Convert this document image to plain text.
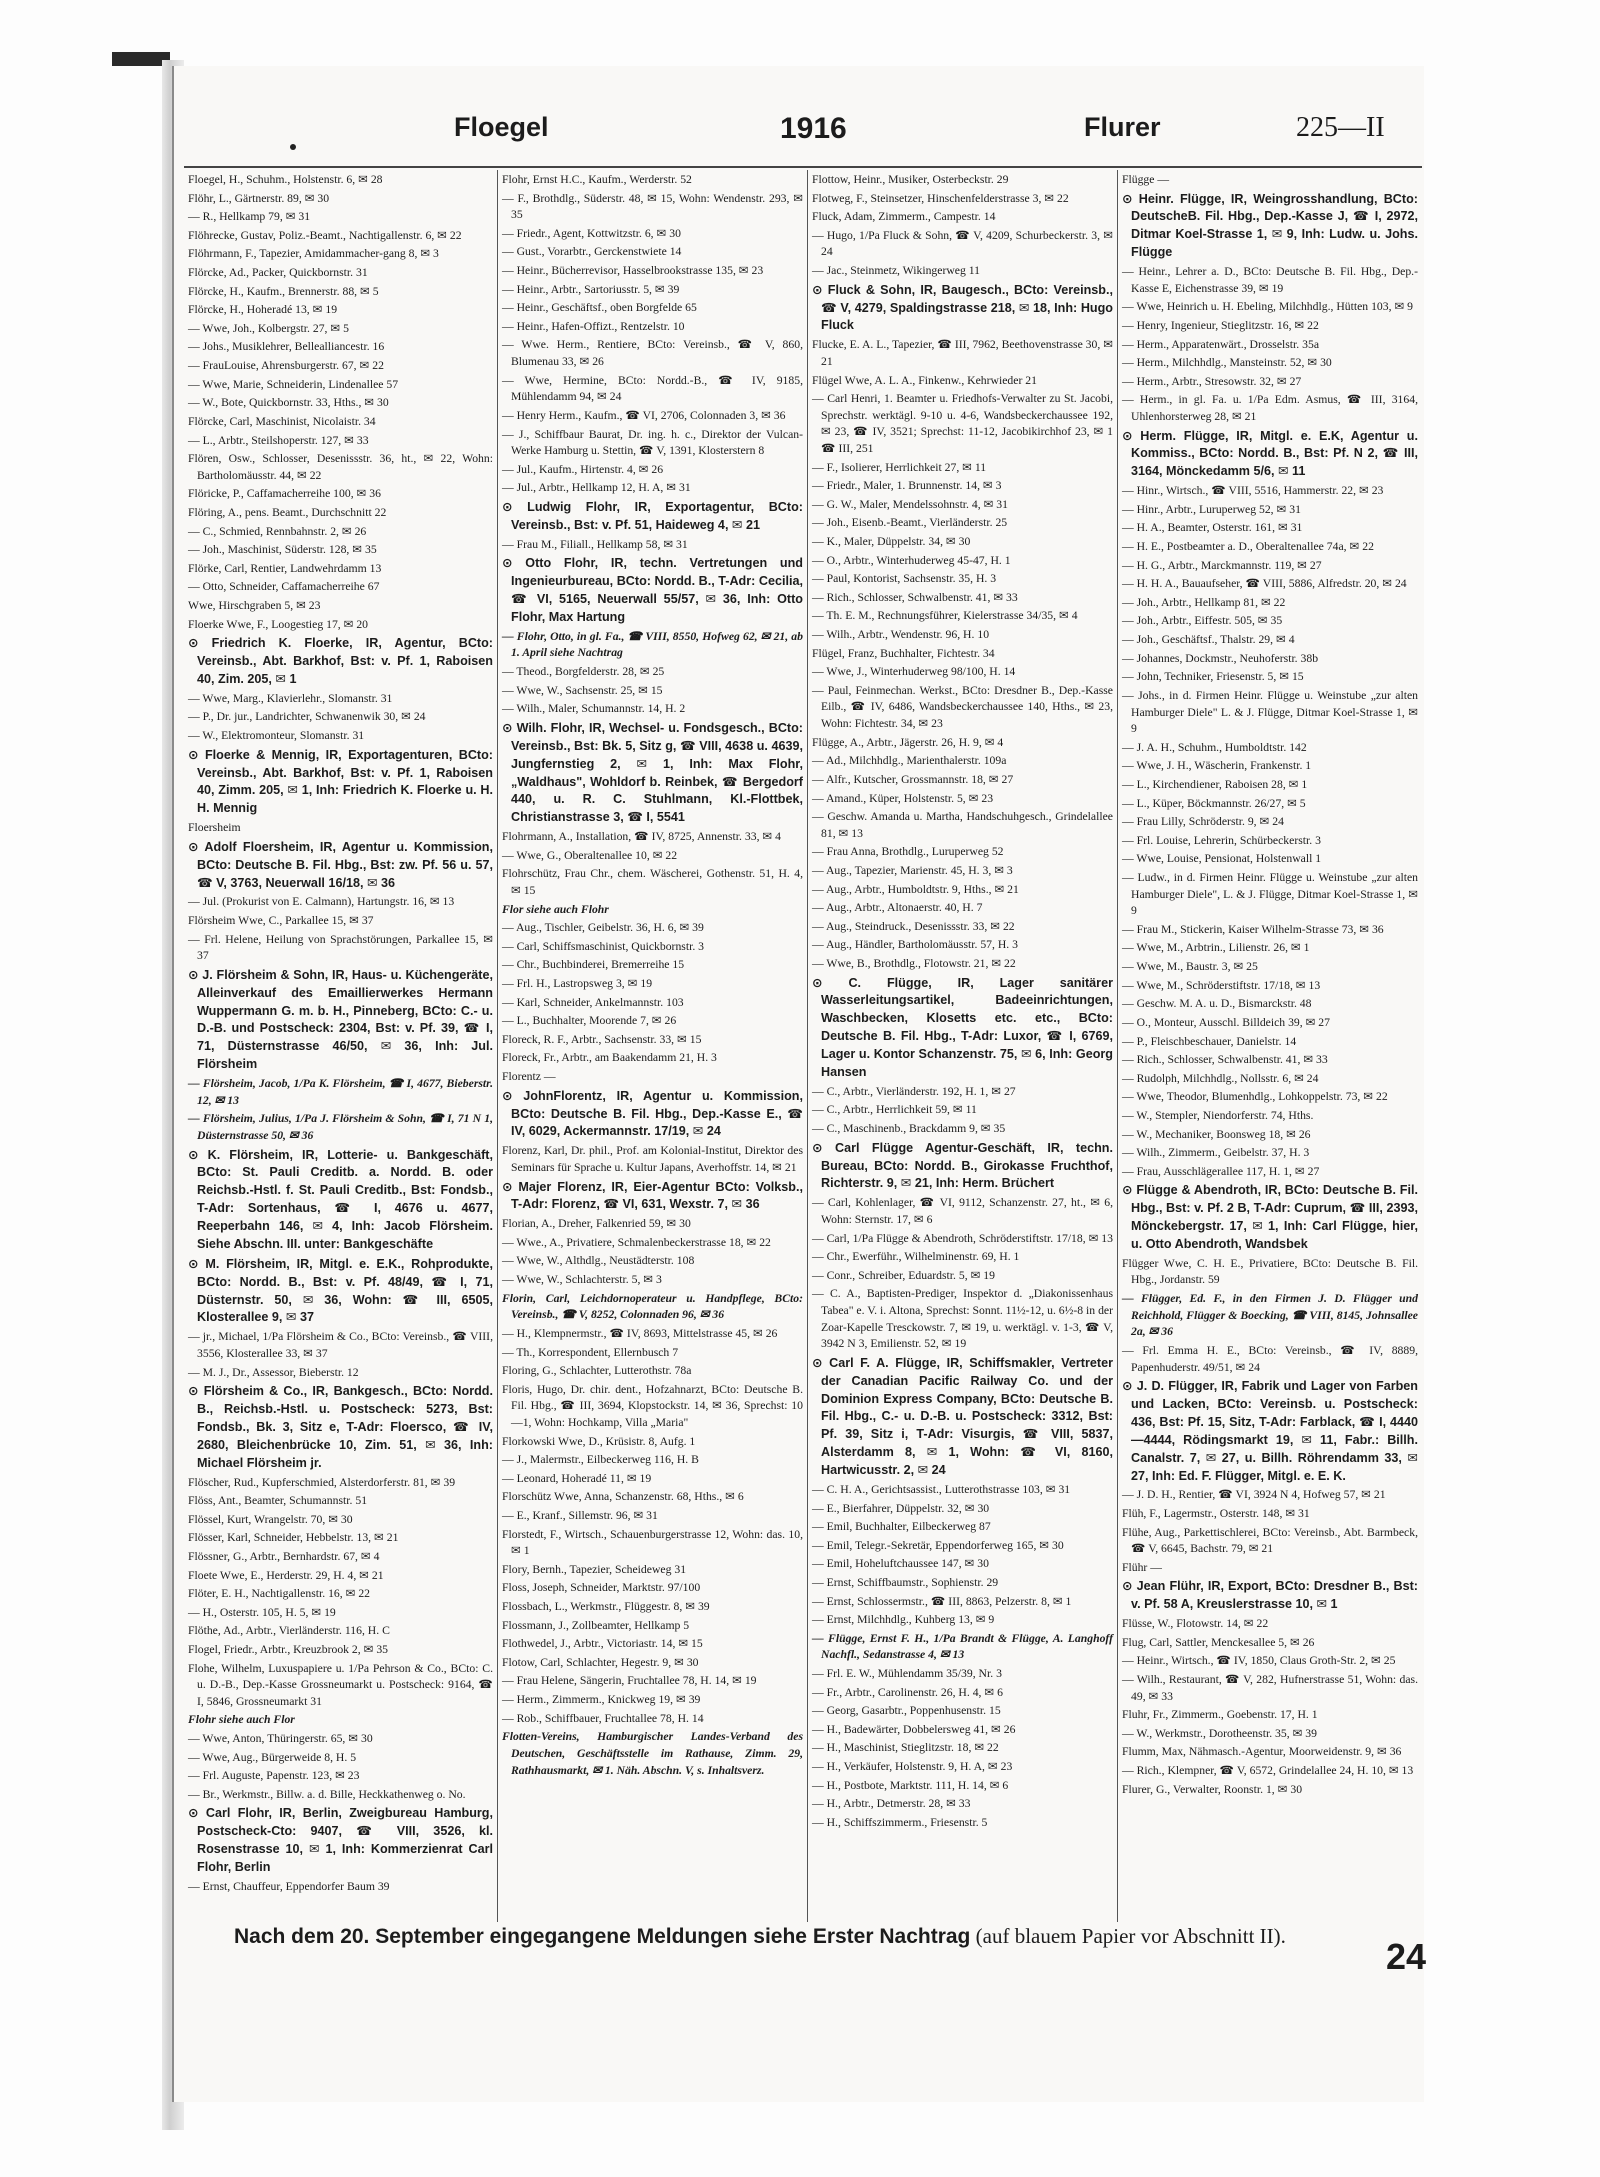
Floegel	1916	Flurer	225—II

Floegel, H., Schuhm., Holstenstr. 6, ✉ 28

Flöhr, L., Gärtnerstr. 89, ✉ 30

— R., Hellkamp 79, ✉ 31

Flöhrecke, Gustav, Poliz.-Beamt., Nachtigallenstr. 6, ✉ 22

Flöhrmann, F., Tapezier, Amidammacher-gang 8, ✉ 3

Flörcke, Ad., Packer, Quickbornstr. 31

Flörcke, H., Kaufm., Brennerstr. 88, ✉ 5

Flörcke, H., Hoheradé 13, ✉ 19

— Wwe, Joh., Kolbergstr. 27, ✉ 5

— Johs., Musiklehrer, Bellealliancestr. 16

— FrauLouise, Ahrensburgerstr. 67, ✉ 22

— Wwe, Marie, Schneiderin, Lindenallee 57

— W., Bote, Quickbornstr. 33, Hths., ✉ 30

Flörcke, Carl, Maschinist, Nicolaistr. 34

— L., Arbtr., Steilshoperstr. 127, ✉ 33

Flören, Osw., Schlosser, Desenissstr. 36, ht., ✉ 22, Wohn: Bartholomäusstr. 44, ✉ 22

Flöricke, P., Caffamacherreihe 100, ✉ 36

Flöring, A., pens. Beamt., Durchschnitt 22

— C., Schmied, Rennbahnstr. 2, ✉ 26

— Joh., Maschinist, Süderstr. 128, ✉ 35

Flörke, Carl, Rentier, Landwehrdamm 13

— Otto, Schneider, Caffamacherreihe 67

Wwe, Hirschgraben 5, ✉ 23

Floerke Wwe, F., Loogestieg 17, ✉ 20

⊙ Friedrich K. Floerke, IR, Agentur, BCto: Vereinsb., Abt. Barkhof, Bst: v. Pf. 1, Raboisen 40, Zim. 205, ✉ 1

— Wwe, Marg., Klavierlehr., Slomanstr. 31

— P., Dr. jur., Landrichter, Schwanenwik 30, ✉ 24

— W., Elektromonteur, Slomanstr. 31

⊙ Floerke & Mennig, IR, Exportagenturen, BCto: Vereinsb., Abt. Barkhof, Bst: v. Pf. 1, Raboisen 40, Zimm. 205, ✉ 1, Inh: Friedrich K. Floerke u. H. H. Mennig

Floersheim

⊙ Adolf Floersheim, IR, Agentur u. Kommission, BCto: Deutsche B. Fil. Hbg., Bst: zw. Pf. 56 u. 57, ☎ V, 3763, Neuerwall 16/18, ✉ 36

— Jul. (Prokurist von E. Calmann), Hartungstr. 16, ✉ 13

Flörsheim Wwe, C., Parkallee 15, ✉ 37

— Frl. Helene, Heilung von Sprachstörungen, Parkallee 15, ✉ 37

⊙ J. Flörsheim & Sohn, IR, Haus- u. Küchengeräte, Alleinverkauf des Emaillierwerkes Hermann Wuppermann G. m. b. H., Pinneberg, BCto: C.- u. D.-B. und Postscheck: 2304, Bst: v. Pf. 39, ☎ I, 71, Düsternstrasse 46/50, ✉ 36, Inh: Jul. Flörsheim

— Flörsheim, Jacob, 1/Pa K. Flörsheim, ☎ I, 4677, Bieberstr. 12, ✉ 13

— Flörsheim, Julius, 1/Pa J. Flörsheim & Sohn, ☎ I, 71 N 1, Düsternstrasse 50, ✉ 36

⊙ K. Flörsheim, IR, Lotterie- u. Bankgeschäft, BCto: St. Pauli Creditb. a. Nordd. B. oder Reichsb.-Hstl. f. St. Pauli Creditb., Bst: Fondsb., T-Adr: Sortenhaus, ☎ I, 4676 u. 4677, Reeperbahn 146, ✉ 4, Inh: Jacob Flörsheim. Siehe Abschn. III. unter: Bankgeschäfte

⊙ M. Flörsheim, IR, Mitgl. e. E.K., Rohprodukte, BCto: Nordd. B., Bst: v. Pf. 48/49, ☎ I, 71, Düsternstr. 50, ✉ 36, Wohn: ☎ III, 6505, Klosterallee 9, ✉ 37

— jr., Michael, 1/Pa Flörsheim & Co., BCto: Vereinsb., ☎ VIII, 3556, Klosterallee 33, ✉ 37

— M. J., Dr., Assessor, Bieberstr. 12

⊙ Flörsheim & Co., IR, Bankgesch., BCto: Nordd. B., Reichsb.-Hstl. u. Postscheck: 5273, Bst: Fondsb., Bk. 3, Sitz e, T-Adr: Floersco, ☎ IV, 2680, Bleichenbrücke 10, Zim. 51, ✉ 36, Inh: Michael Flörsheim jr.

Flöscher, Rud., Kupferschmied, Alsterdorferstr. 81, ✉ 39

Flöss, Ant., Beamter, Schumannstr. 51

Flössel, Kurt, Wrangelstr. 70, ✉ 30

Flösser, Karl, Schneider, Hebbelstr. 13, ✉ 21

Flössner, G., Arbtr., Bernhardstr. 67, ✉ 4

Floete Wwe, E., Herderstr. 29, H. 4, ✉ 21

Flöter, E. H., Nachtigallenstr. 16, ✉ 22

— H., Osterstr. 105, H. 5, ✉ 19

Flöthe, Ad., Arbtr., Vierländerstr. 116, H. C

Flogel, Friedr., Arbtr., Kreuzbrook 2, ✉ 35

Flohe, Wilhelm, Luxuspapiere u. 1/Pa Pehrson & Co., BCto: C. u. D.-B., Dep.-Kasse Grossneumarkt u. Postscheck: 9164, ☎ I, 5846, Grossneumarkt 31

Flohr siehe auch Flor

— Wwe, Anton, Thüringerstr. 65, ✉ 30

— Wwe, Aug., Bürgerweide 8, H. 5

— Frl. Auguste, Papenstr. 123, ✉ 23

— Br., Werkmstr., Billw. a. d. Bille, Heckkathenweg o. No.

⊙ Carl Flohr, IR, Berlin, Zweigbureau Hamburg, Postscheck-Cto: 9407, ☎ VIII, 3526, kl. Rosenstrasse 10, ✉ 1, Inh: Kommerzienrat Carl Flohr, Berlin

— Ernst, Chauffeur, Eppendorfer Baum 39

Flohr, Ernst H.C., Kaufm., Werderstr. 52

— F., Brothdlg., Süderstr. 48, ✉ 15, Wohn: Wendenstr. 293, ✉ 35

— Friedr., Agent, Kottwitzstr. 6, ✉ 30

— Gust., Vorarbtr., Gerckenstwiete 14

— Heinr., Bücherrevisor, Hasselbrookstrasse 135, ✉ 23

— Heinr., Arbtr., Sartoriusstr. 5, ✉ 39

— Heinr., Geschäftsf., oben Borgfelde 65

— Heinr., Hafen-Offizt., Rentzelstr. 10

— Wwe. Herm., Rentiere, BCto: Vereinsb., ☎ V, 860, Blumenau 33, ✉ 26

— Wwe, Hermine, BCto: Nordd.-B., ☎ IV, 9185, Mühlendamm 94, ✉ 24

— Henry Herm., Kaufm., ☎ VI, 2706, Colonnaden 3, ✉ 36

— J., Schiffbaur Baurat, Dr. ing. h. c., Direktor der Vulcan-Werke Hamburg u. Stettin, ☎ V, 1391, Klosterstern 8

— Jul., Kaufm., Hirtenstr. 4, ✉ 26

— Jul., Arbtr., Hellkamp 12, H. A, ✉ 31

⊙ Ludwig Flohr, IR, Exportagentur, BCto: Vereinsb., Bst: v. Pf. 51, Haideweg 4, ✉ 21

— Frau M., Filiall., Hellkamp 58, ✉ 31

⊙ Otto Flohr, IR, techn. Vertretungen und Ingenieurbureau, BCto: Nordd. B., T-Adr: Cecilia, ☎ VI, 5165, Neuerwall 55/57, ✉ 36, Inh: Otto Flohr, Max Hartung

— Flohr, Otto, in gl. Fa., ☎ VIII, 8550, Hofweg 62, ✉ 21, ab 1. April siehe Nachtrag

— Theod., Borgfelderstr. 28, ✉ 25

— Wwe, W., Sachsenstr. 25, ✉ 15

— Wilh., Maler, Schumannstr. 14, H. 2

⊙ Wilh. Flohr, IR, Wechsel- u. Fondsgesch., BCto: Vereinsb., Bst: Bk. 5, Sitz g, ☎ VIII, 4638 u. 4639, Jungfernstieg 2, ✉ 1, Inh: Max Flohr, „Waldhaus", Wohldorf b. Reinbek, ☎ Bergedorf 440, u. R. C. Stuhlmann, Kl.-Flottbek, Christianstrasse 3, ☎ I, 5541

Flohrmann, A., Installation, ☎ IV, 8725, Annenstr. 33, ✉ 4

— Wwe, G., Oberaltenallee 10, ✉ 22

Flohrschütz, Frau Chr., chem. Wäscherei, Gothenstr. 51, H. 4, ✉ 15

Flor siehe auch Flohr

— Aug., Tischler, Geibelstr. 36, H. 6, ✉ 39

— Carl, Schiffsmaschinist, Quickbornstr. 3

— Chr., Buchbinderei, Bremerreihe 15

— Frl. H., Lastropsweg 3, ✉ 19

— Karl, Schneider, Ankelmannstr. 103

— L., Buchhalter, Moorende 7, ✉ 26

Floreck, R. F., Arbtr., Sachsenstr. 33, ✉ 15

Floreck, Fr., Arbtr., am Baakendamm 21, H. 3

Florentz —

⊙ JohnFlorentz, IR, Agentur u. Kommission, BCto: Deutsche B. Fil. Hbg., Dep.-Kasse E., ☎ IV, 6029, Ackermannstr. 17/19, ✉ 24

Florenz, Karl, Dr. phil., Prof. am Kolonial-Institut, Direktor des Seminars für Sprache u. Kultur Japans, Averhoffstr. 14, ✉ 21

⊙ Majer Florenz, IR, Eier-Agentur BCto: Volksb., T-Adr: Florenz, ☎ VI, 631, Wexstr. 7, ✉ 36

Florian, A., Dreher, Falkenried 59, ✉ 30

— Wwe., A., Privatiere, Schmalenbeckerstrasse 18, ✉ 22

— Wwe, W., Althdlg., Neustädterstr. 108

— Wwe, W., Schlachterstr. 5, ✉ 3

Florin, Carl, Leichdornoperateur u. Handpflege, BCto: Vereinsb., ☎ V, 8252, Colonnaden 96, ✉ 36

— H., Klempnermstr., ☎ IV, 8693, Mittelstrasse 45, ✉ 26

— Th., Korrespondent, Ellernbusch 7

Floring, G., Schlachter, Lutterothstr. 78a

Floris, Hugo, Dr. chir. dent., Hofzahnarzt, BCto: Deutsche B. Fil. Hbg., ☎ III, 3694, Klopstockstr. 14, ✉ 36, Sprechst: 10—1, Wohn: Hochkamp, Villa „Maria"

Florkowski Wwe, D., Krüsistr. 8, Aufg. 1

— J., Malermstr., Eilbeckerweg 116, H. B

— Leonard, Hoheradé 11, ✉ 19

Florschütz Wwe, Anna, Schanzenstr. 68, Hths., ✉ 6

— E., Kranf., Sillemstr. 96, ✉ 31

Florstedt, F., Wirtsch., Schauenburgerstrasse 12, Wohn: das. 10, ✉ 1

Flory, Bernh., Tapezier, Scheideweg 31

Floss, Joseph, Schneider, Marktstr. 97/100

Flossbach, L., Werkmstr., Flüggestr. 8, ✉ 39

Flossmann, J., Zollbeamter, Hellkamp 5

Flothwedel, J., Arbtr., Victoriastr. 14, ✉ 15

Flotow, Carl, Schlachter, Hegestr. 9, ✉ 30

— Frau Helene, Sängerin, Fruchtallee 78, H. 14, ✉ 19

— Herm., Zimmerm., Knickweg 19, ✉ 39

— Rob., Schiffbauer, Fruchtallee 78, H. 14

Flotten-Vereins, Hamburgischer Landes-Verband des Deutschen, Geschäftsstelle im Rathause, Zimm. 29, Rathhausmarkt, ✉ 1. Näh. Abschn. V, s. Inhaltsverz.

Flottow, Heinr., Musiker, Osterbeckstr. 29

Flotweg, F., Steinsetzer, Hinschenfelderstrasse 3, ✉ 22

Fluck, Adam, Zimmerm., Campestr. 14

— Hugo, 1/Pa Fluck & Sohn, ☎ V, 4209, Schurbeckerstr. 3, ✉ 24

— Jac., Steinmetz, Wikingerweg 11

⊙ Fluck & Sohn, IR, Baugesch., BCto: Vereinsb., ☎ V, 4279, Spaldingstrasse 218, ✉ 18, Inh: Hugo Fluck

Flucke, E. A. L., Tapezier, ☎ III, 7962, Beethovenstrasse 30, ✉ 21

Flügel Wwe, A. L. A., Finkenw., Kehrwieder 21

— Carl Henri, 1. Beamter u. Friedhofs-Verwalter zu St. Jacobi, Sprechstr. werktägl. 9-10 u. 4-6, Wandsbeckerchaussee 192, ✉ 23, ☎ IV, 3521; Sprechst: 11-12, Jacobikirchhof 23, ✉ 1 ☎ III, 251

— F., Isolierer, Herrlichkeit 27, ✉ 11

— Friedr., Maler, 1. Brunnenstr. 14, ✉ 3

— G. W., Maler, Mendelssohnstr. 4, ✉ 31

— Joh., Eisenb.-Beamt., Vierländerstr. 25

— K., Maler, Düppelstr. 34, ✉ 30

— O., Arbtr., Winterhuderweg 45-47, H. 1

— Paul, Kontorist, Sachsenstr. 35, H. 3

— Rich., Schlosser, Schwalbenstr. 41, ✉ 33

— Th. E. M., Rechnungsführer, Kielerstrasse 34/35, ✉ 4

— Wilh., Arbtr., Wendenstr. 96, H. 10

Flügel, Franz, Buchhalter, Fichtestr. 34

— Wwe, J., Winterhuderweg 98/100, H. 14

— Paul, Feinmechan. Werkst., BCto: Dresdner B., Dep.-Kasse Eilb., ☎ IV, 6486, Wandsbeckerchaussee 140, Hths., ✉ 23, Wohn: Fichtestr. 34, ✉ 23

Flügge, A., Arbtr., Jägerstr. 26, H. 9, ✉ 4

— Ad., Milchhdlg., Marienthalerstr. 109a

— Alfr., Kutscher, Grossmannstr. 18, ✉ 27

— Amand., Küper, Holstenstr. 5, ✉ 23

— Geschw. Amanda u. Martha, Handschuhgesch., Grindelallee 81, ✉ 13

— Frau Anna, Brothdlg., Luruperweg 52

— Aug., Tapezier, Marienstr. 45, H. 3, ✉ 3

— Aug., Arbtr., Humboldtstr. 9, Hths., ✉ 21

— Aug., Arbtr., Altonaerstr. 40, H. 7

— Aug., Steindruck., Desenissstr. 33, ✉ 22

— Aug., Händler, Bartholomäusstr. 57, H. 3

— Wwe, B., Brothdlg., Flotowstr. 21, ✉ 22

⊙ C. Flügge, IR, Lager sanitärer Wasserleitungsartikel, Badeeinrichtungen, Waschbecken, Klosetts etc. etc., BCto: Deutsche B. Fil. Hbg., T-Adr: Luxor, ☎ I, 6769, Lager u. Kontor Schanzenstr. 75, ✉ 6, Inh: Georg Hansen

— C., Arbtr., Vierländerstr. 192, H. 1, ✉ 27

— C., Arbtr., Herrlichkeit 59, ✉ 11

— C., Maschinenb., Brackdamm 9, ✉ 35

⊙ Carl Flügge Agentur-Geschäft, IR, techn. Bureau, BCto: Nordd. B., Girokasse Fruchthof, Richterstr. 9, ✉ 21, Inh: Herm. Brüchert

— Carl, Kohlenlager, ☎ VI, 9112, Schanzenstr. 27, ht., ✉ 6, Wohn: Sternstr. 17, ✉ 6

— Carl, 1/Pa Flügge & Abendroth, Schröderstiftstr. 17/18, ✉ 13

— Chr., Ewerführ., Wilhelminenstr. 69, H. 1

— Conr., Schreiber, Eduardstr. 5, ✉ 19

— C. A., Baptisten-Prediger, Inspektor d. „Diakonissenhaus Tabea" e. V. i. Altona, Sprechst: Sonnt. 11½-12, u. 6½-8 in der Zoar-Kapelle Tresckowstr. 7, ✉ 19, u. werktägl. v. 1-3, ☎ V, 3942 N 3, Emilienstr. 52, ✉ 19

⊙ Carl F. A. Flügge, IR, Schiffsmakler, Vertreter der Canadian Pacific Railway Co. und der Dominion Express Company, BCto: Deutsche B. Fil. Hbg., C.- u. D.-B. u. Postscheck: 3312, Bst: Pf. 39, Sitz i, T-Adr: Visurgis, ☎ VIII, 5837, Alsterdamm 8, ✉ 1, Wohn: ☎ VI, 8160, Hartwicusstr. 2, ✉ 24

— C. H. A., Gerichtsassist., Lutterothstrasse 103, ✉ 31

— E., Bierfahrer, Düppelstr. 32, ✉ 30

— Emil, Buchhalter, Eilbeckerweg 87

— Emil, Telegr.-Sekretär, Eppendorferweg 165, ✉ 30

— Emil, Hoheluftchaussee 147, ✉ 30

— Ernst, Schiffbaumstr., Sophienstr. 29

— Ernst, Schlossermstr., ☎ III, 8863, Pelzerstr. 8, ✉ 1

— Ernst, Milchhdlg., Kuhberg 13, ✉ 9

— Flügge, Ernst F. H., 1/Pa Brandt & Flügge, A. Langhoff Nachfl., Sedanstrasse 4, ✉ 13

— Frl. E. W., Mühlendamm 35/39, Nr. 3

— Fr., Arbtr., Carolinenstr. 26, H. 4, ✉ 6

— Georg, Gasarbtr., Poppenhusenstr. 15

— H., Badewärter, Dobbelersweg 41, ✉ 26

— H., Maschinist, Stieglitzstr. 18, ✉ 22

— H., Verkäufer, Holstenstr. 9, H. A, ✉ 23

— H., Postbote, Marktstr. 111, H. 14, ✉ 6

— H., Arbtr., Detmerstr. 28, ✉ 33

— H., Schiffszimmerm., Friesenstr. 5

Flügge —

⊙ Heinr. Flügge, IR, Weingrosshandlung, BCto: DeutscheB. Fil. Hbg., Dep.-Kasse J, ☎ I, 2972, Ditmar Koel-Strasse 1, ✉ 9, Inh: Ludw. u. Johs. Flügge

— Heinr., Lehrer a. D., BCto: Deutsche B. Fil. Hbg., Dep.-Kasse E, Eichenstrasse 39, ✉ 19

— Wwe, Heinrich u. H. Ebeling, Milchhdlg., Hütten 103, ✉ 9

— Henry, Ingenieur, Stieglitzstr. 16, ✉ 22

— Herm., Apparatenwärt., Drosselstr. 35a

— Herm., Milchhdlg., Mansteinstr. 52, ✉ 30

— Herm., Arbtr., Stresowstr. 32, ✉ 27

— Herm., in gl. Fa. u. 1/Pa Edm. Asmus, ☎ III, 3164, Uhlenhorsterweg 28, ✉ 21

⊙ Herm. Flügge, IR, Mitgl. e. E.K, Agentur u. Kommiss., BCto: Nordd. B., Bst: Pf. N 2, ☎ III, 3164, Mönckedamm 5/6, ✉ 11

— Hinr., Wirtsch., ☎ VIII, 5516, Hammerstr. 22, ✉ 23

— Hinr., Arbtr., Luruperweg 52, ✉ 31

— H. A., Beamter, Osterstr. 161, ✉ 31

— H. E., Postbeamter a. D., Oberaltenallee 74a, ✉ 22

— H. G., Arbtr., Marckmannstr. 119, ✉ 27

— H. H. A., Bauaufseher, ☎ VIII, 5886, Alfredstr. 20, ✉ 24

— Joh., Arbtr., Hellkamp 81, ✉ 22

— Joh., Arbtr., Eiffestr. 505, ✉ 35

— Joh., Geschäftsf., Thalstr. 29, ✉ 4

— Johannes, Dockmstr., Neuhoferstr. 38b

— John, Techniker, Friesenstr. 5, ✉ 15

— Johs., in d. Firmen Heinr. Flügge u. Weinstube „zur alten Hamburger Diele" L. & J. Flügge, Ditmar Koel-Strasse 1, ✉ 9

— J. A. H., Schuhm., Humboldtstr. 142

— Wwe, J. H., Wäscherin, Frankenstr. 1

— L., Kirchendiener, Raboisen 28, ✉ 1

— L., Küper, Böckmannstr. 26/27, ✉ 5

— Frau Lilly, Schröderstr. 9, ✉ 24

— Frl. Louise, Lehrerin, Schürbeckerstr. 3

— Wwe, Louise, Pensionat, Holstenwall 1

— Ludw., in d. Firmen Heinr. Flügge u. Weinstube „zur alten Hamburger Diele", L. & J. Flügge, Ditmar Koel-Strasse 1, ✉ 9

— Frau M., Stickerin, Kaiser Wilhelm-Strasse 73, ✉ 36

— Wwe, M., Arbtrin., Lilienstr. 26, ✉ 1

— Wwe, M., Baustr. 3, ✉ 25

— Wwe, M., Schröderstiftstr. 17/18, ✉ 13

— Geschw. M. A. u. D., Bismarckstr. 48

— O., Monteur, Ausschl. Billdeich 39, ✉ 27

— P., Fleischbeschauer, Danielstr. 14

— Rich., Schlosser, Schwalbenstr. 41, ✉ 33

— Rudolph, Milchhdlg., Nollsstr. 6, ✉ 24

— Wwe, Theodor, Blumenhdlg., Lohkoppelstr. 73, ✉ 22

— W., Stempler, Niendorferstr. 74, Hths.

— W., Mechaniker, Boonsweg 18, ✉ 26

— Wilh., Zimmerm., Geibelstr. 37, H. 3

— Frau, Ausschlägerallee 117, H. 1, ✉ 27

⊙ Flügge & Abendroth, IR, BCto: Deutsche B. Fil. Hbg., Bst: v. Pf. 2 B, T-Adr: Cuprum, ☎ III, 2393, Mönckebergstr. 17, ✉ 1, Inh: Carl Flügge, hier, u. Otto Abendroth, Wandsbek

Flügger Wwe, C. H. E., Privatiere, BCto: Deutsche B. Fil. Hbg., Jordanstr. 59

— Flügger, Ed. F., in den Firmen J. D. Flügger und Reichhold, Flügger & Boecking, ☎ VIII, 8145, Johnsallee 2a, ✉ 36

— Frl. Emma H. E., BCto: Vereinsb., ☎ IV, 8889, Papenhuderstr. 49/51, ✉ 24

⊙ J. D. Flügger, IR, Fabrik und Lager von Farben und Lacken, BCto: Vereinsb. u. Postscheck: 436, Bst: Pf. 15, Sitz, T-Adr: Farblack, ☎ I, 4440—4444, Rödingsmarkt 19, ✉ 11, Fabr.: Billh. Canalstr. 7, ✉ 27, u. Billh. Röhrendamm 33, ✉ 27, Inh: Ed. F. Flügger, Mitgl. e. E. K.

— J. D. H., Rentier, ☎ VI, 3924 N 4, Hofweg 57, ✉ 21

Flüh, F., Lagermstr., Osterstr. 148, ✉ 31

Flühe, Aug., Parkettischlerei, BCto: Vereinsb., Abt. Barmbeck, ☎ V, 6645, Bachstr. 79, ✉ 21

Flühr —

⊙ Jean Flühr, IR, Export, BCto: Dresdner B., Bst: v. Pf. 58 A, Kreuslerstrasse 10, ✉ 1

Flüsse, W., Flotowstr. 14, ✉ 22

Flug, Carl, Sattler, Menckesallee 5, ✉ 26

— Heinr., Wirtsch., ☎ IV, 1850, Claus Groth-Str. 2, ✉ 25

— Wilh., Restaurant, ☎ V, 282, Hufnerstrasse 51, Wohn: das. 49, ✉ 33

Fluhr, Fr., Zimmerm., Goebenstr. 17, H. 1

— W., Werkmstr., Dorotheenstr. 35, ✉ 39

Flumm, Max, Nähmasch.-Agentur, Moorweidenstr. 9, ✉ 36

— Rich., Klempner, ☎ V, 6572, Grindelallee 24, H. 10, ✉ 13

Flurer, G., Verwalter, Roonstr. 1, ✉ 30

Nach dem 20. September eingegangene Meldungen siehe Erster Nachtrag (auf blauem Papier vor Abschnitt II).	24
